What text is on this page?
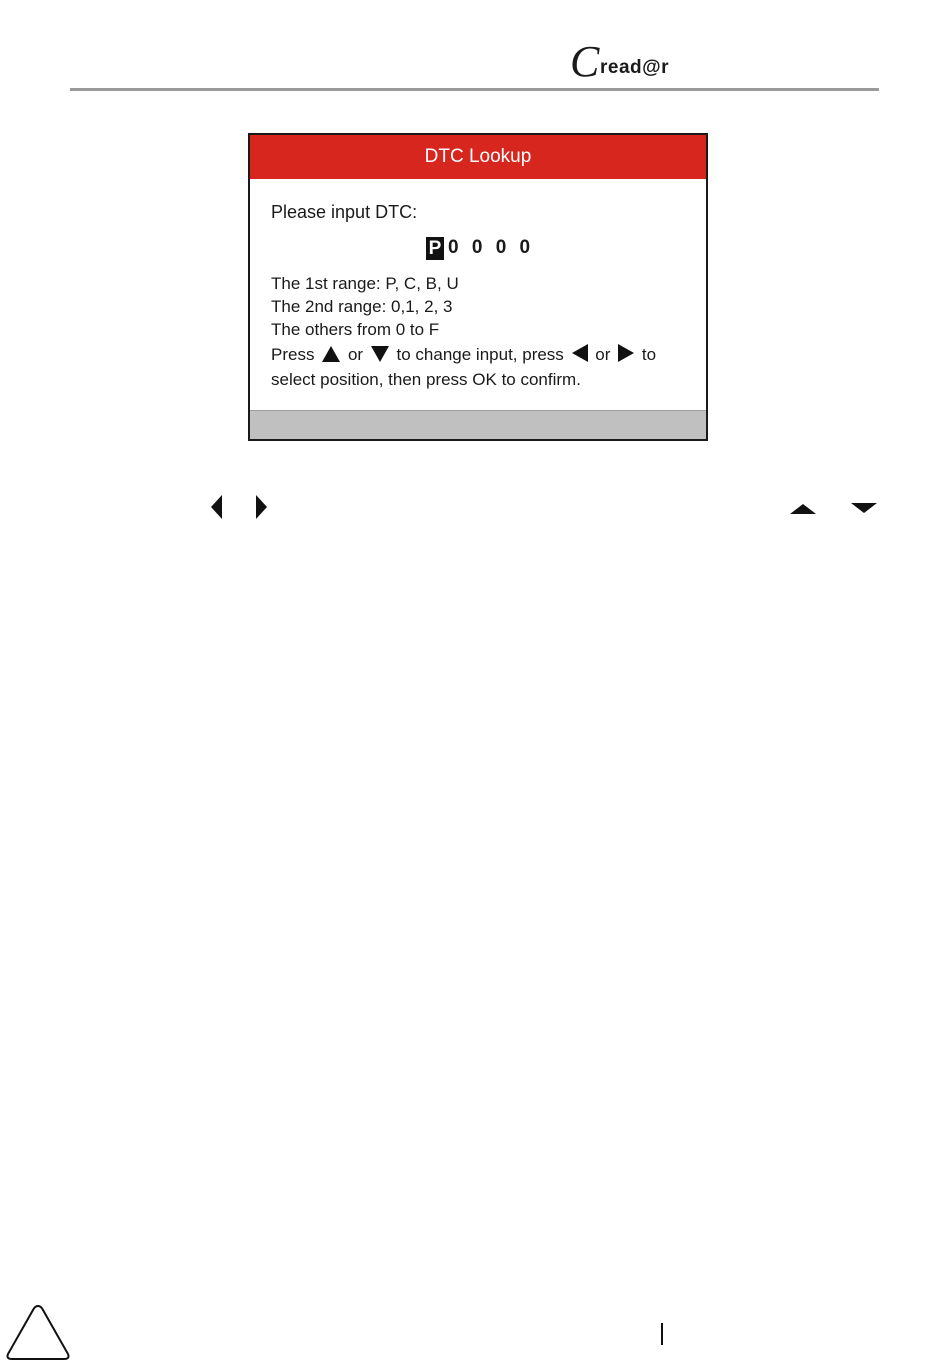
C read@r
DTC Lookup
Please input DTC:
P 0 0 0 0
The 1st range: P, C, B, U
The 2nd range: 0,1, 2, 3
The others from 0 to F
Press or to change input, press or to
select position, then press OK to confirm.
